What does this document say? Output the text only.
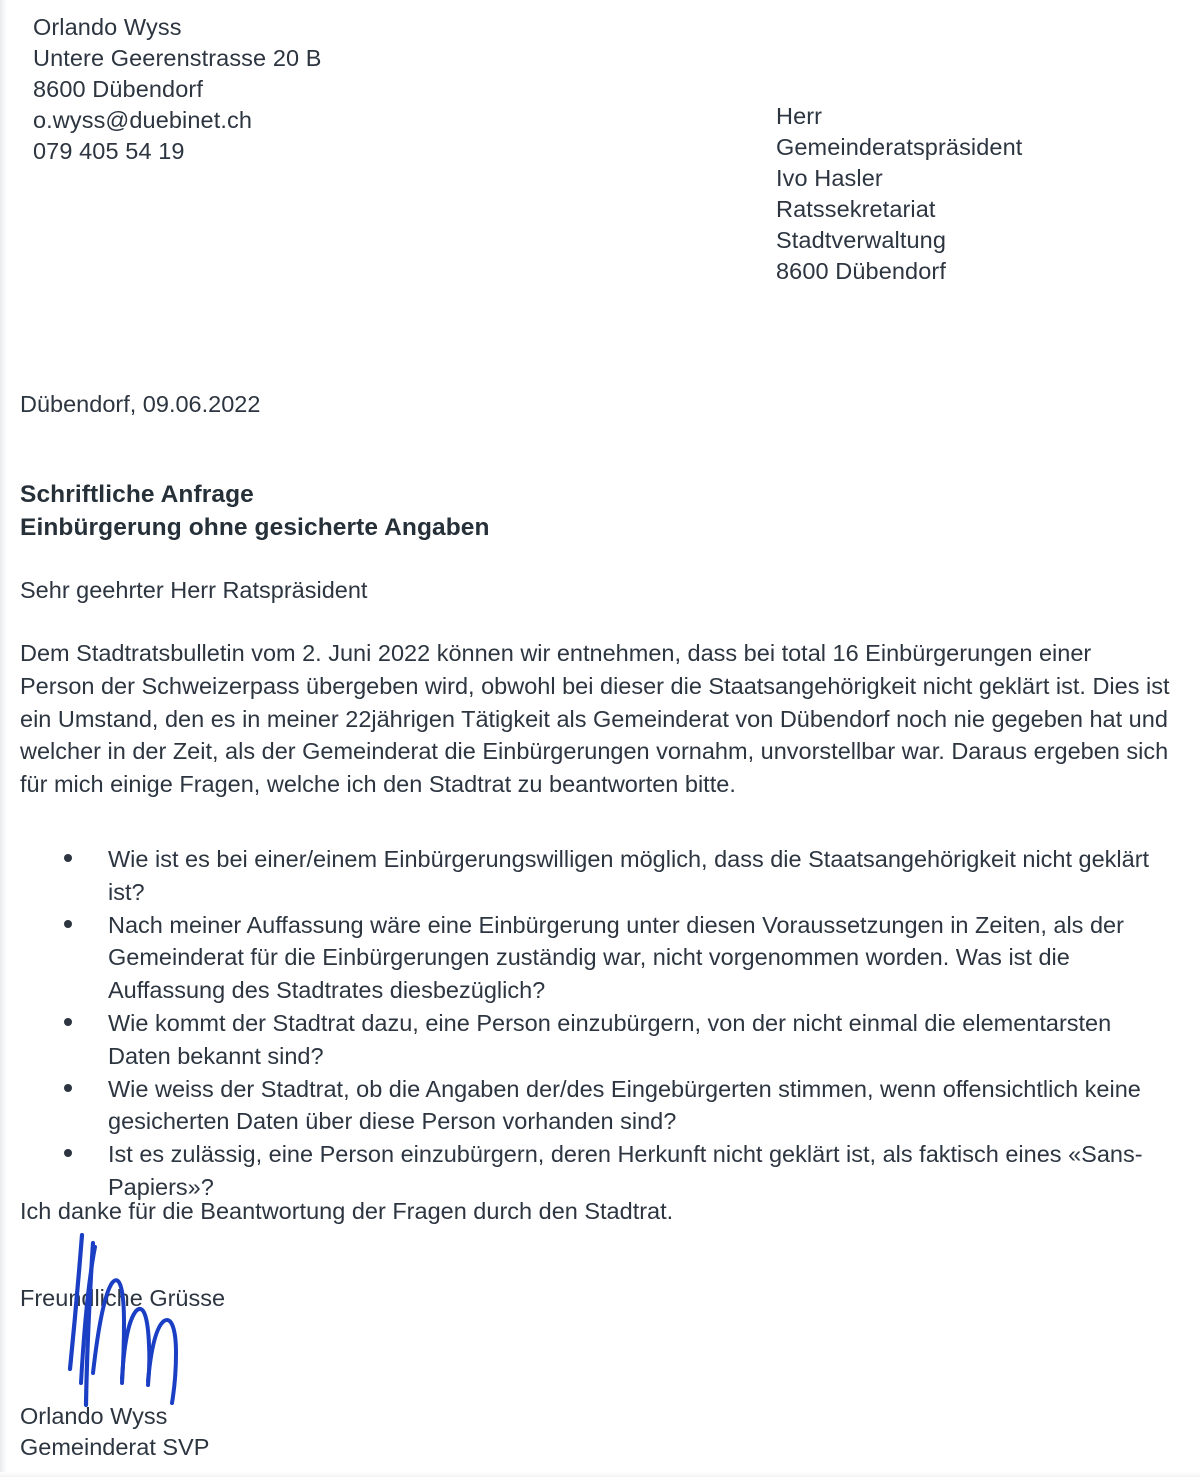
Orlando Wyss
Untere Geerenstrasse 20 B
8600 Dübendorf
o.wyss@duebinet.ch
079 405 54 19
Herr
Gemeinderatspräsident
Ivo Hasler
Ratssekretariat
Stadtverwaltung
8600 Dübendorf
Dübendorf, 09.06.2022
Schriftliche Anfrage
Einbürgerung ohne gesicherte Angaben
Sehr geehrter Herr Ratspräsident
Dem Stadtratsbulletin vom 2. Juni 2022 können wir entnehmen, dass bei total 16 Einbürgerungen einer Person der Schweizerpass übergeben wird, obwohl bei dieser die Staatsangehörigkeit nicht geklärt ist. Dies ist ein Umstand, den es in meiner 22jährigen Tätigkeit als Gemeinderat von Dübendorf noch nie gegeben hat und welcher in der Zeit, als der Gemeinderat die Einbürgerungen vornahm, unvorstellbar war. Daraus ergeben sich für mich einige Fragen, welche ich den Stadtrat zu beantworten bitte.
Wie ist es bei einer/einem Einbürgerungswilligen möglich, dass die Staatsangehörigkeit nicht geklärt ist?
Nach meiner Auffassung wäre eine Einbürgerung unter diesen Voraussetzungen in Zeiten, als der Gemeinderat für die Einbürgerungen zuständig war, nicht vorgenommen worden. Was ist die Auffassung des Stadtrates diesbezüglich?
Wie kommt der Stadtrat dazu, eine Person einzubürgern, von der nicht einmal die elementarsten Daten bekannt sind?
Wie weiss der Stadtrat, ob die Angaben der/des Eingebürgerten stimmen, wenn offensichtlich keine gesicherten Daten über diese Person vorhanden sind?
Ist es zulässig, eine Person einzubürgern, deren Herkunft nicht geklärt ist, als faktisch eines «Sans-Papiers»?
Ich danke für die Beantwortung der Fragen durch den Stadtrat.
Freundliche Grüsse
Orlando Wyss
Gemeinderat SVP
